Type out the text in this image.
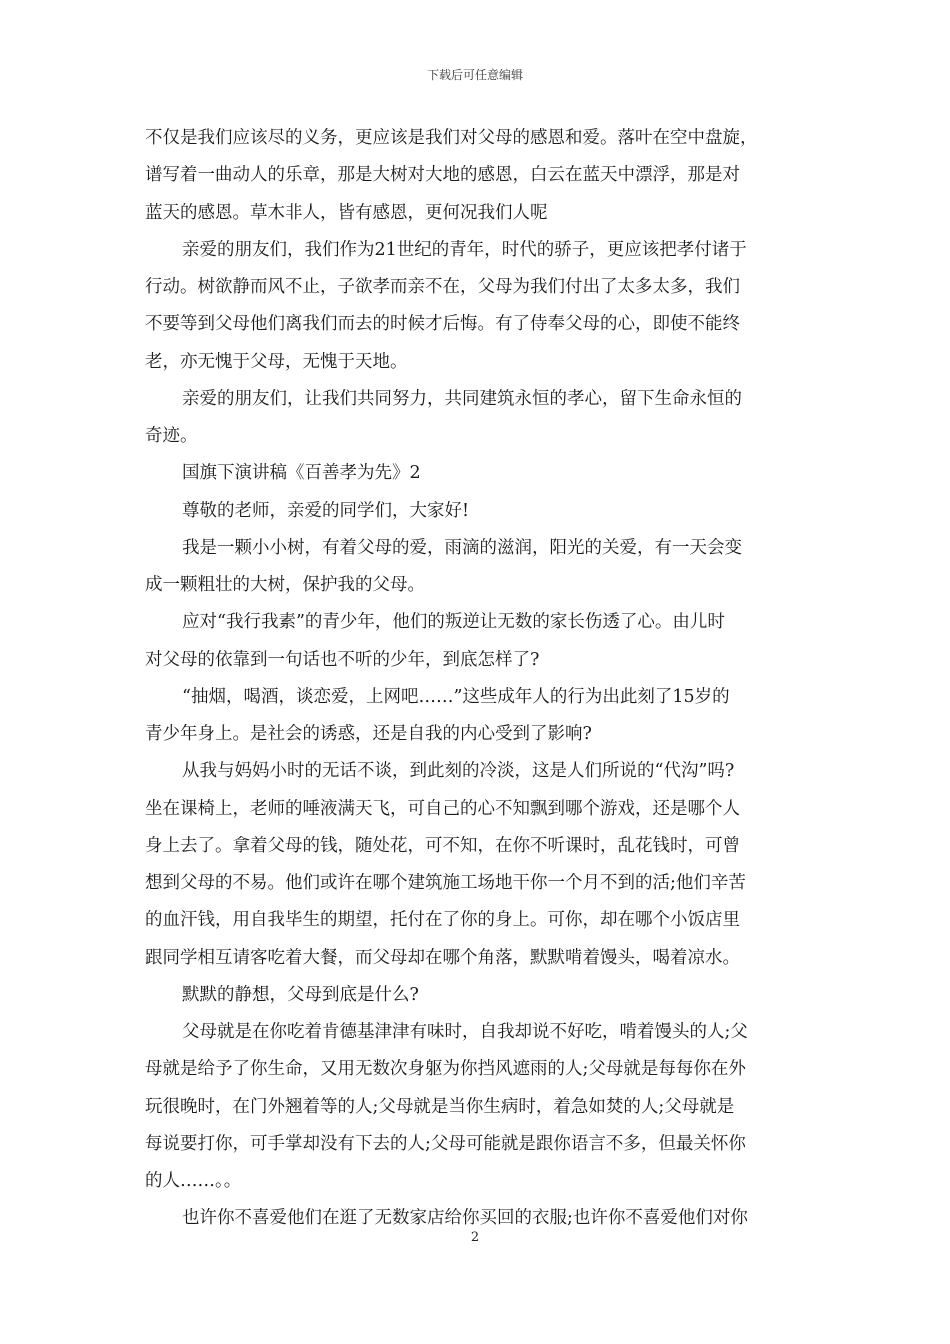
下载后可任意编辑
不仅是我们应该尽的义务，更应该是我们对父母的感恩和爱。落叶在空中盘旋，
谱写着一曲动人的乐章，那是大树对大地的感恩，白云在蓝天中漂浮，那是对
蓝天的感恩。草木非人，皆有感恩，更何况我们人呢
亲爱的朋友们，我们作为21世纪的青年，时代的骄子，更应该把孝付诸于
行动。树欲静而风不止，子欲孝而亲不在，父母为我们付出了太多太多，我们
不要等到父母他们离我们而去的时候才后悔。有了侍奉父母的心，即使不能终
老，亦无愧于父母，无愧于天地。
亲爱的朋友们，让我们共同努力，共同建筑永恒的孝心，留下生命永恒的
奇迹。
国旗下演讲稿《百善孝为先》2
尊敬的老师，亲爱的同学们，大家好!
我是一颗小小树，有着父母的爱，雨滴的滋润，阳光的关爱，有一天会变
成一颗粗壮的大树，保护我的父母。
应对“我行我素”的青少年，他们的叛逆让无数的家长伤透了心。由儿时
对父母的依靠到一句话也不听的少年，到底怎样了?
“抽烟，喝酒，谈恋爱，上网吧……”这些成年人的行为出此刻了15岁的
青少年身上。是社会的诱惑，还是自我的内心受到了影响?
从我与妈妈小时的无话不谈，到此刻的冷淡，这是人们所说的“代沟”吗?
坐在课椅上，老师的唾液满天飞，可自己的心不知飘到哪个游戏，还是哪个人
身上去了。拿着父母的钱，随处花，可不知，在你不听课时，乱花钱时，可曾
想到父母的不易。他们或许在哪个建筑施工场地干你一个月不到的活;他们辛苦
的血汗钱，用自我毕生的期望，托付在了你的身上。可你，却在哪个小饭店里
跟同学相互请客吃着大餐，而父母却在哪个角落，默默啃着馒头，喝着凉水。
默默的静想，父母到底是什么?
父母就是在你吃着肯德基津津有味时，自我却说不好吃，啃着馒头的人;父
母就是给予了你生命，又用无数次身躯为你挡风遮雨的人;父母就是每每你在外
玩很晚时，在门外翘着等的人;父母就是当你生病时，着急如焚的人;父母就是
每说要打你，可手掌却没有下去的人;父母可能就是跟你语言不多，但最关怀你
的人……。。
也许你不喜爱他们在逛了无数家店给你买回的衣服;也许你不喜爱他们对你
2
